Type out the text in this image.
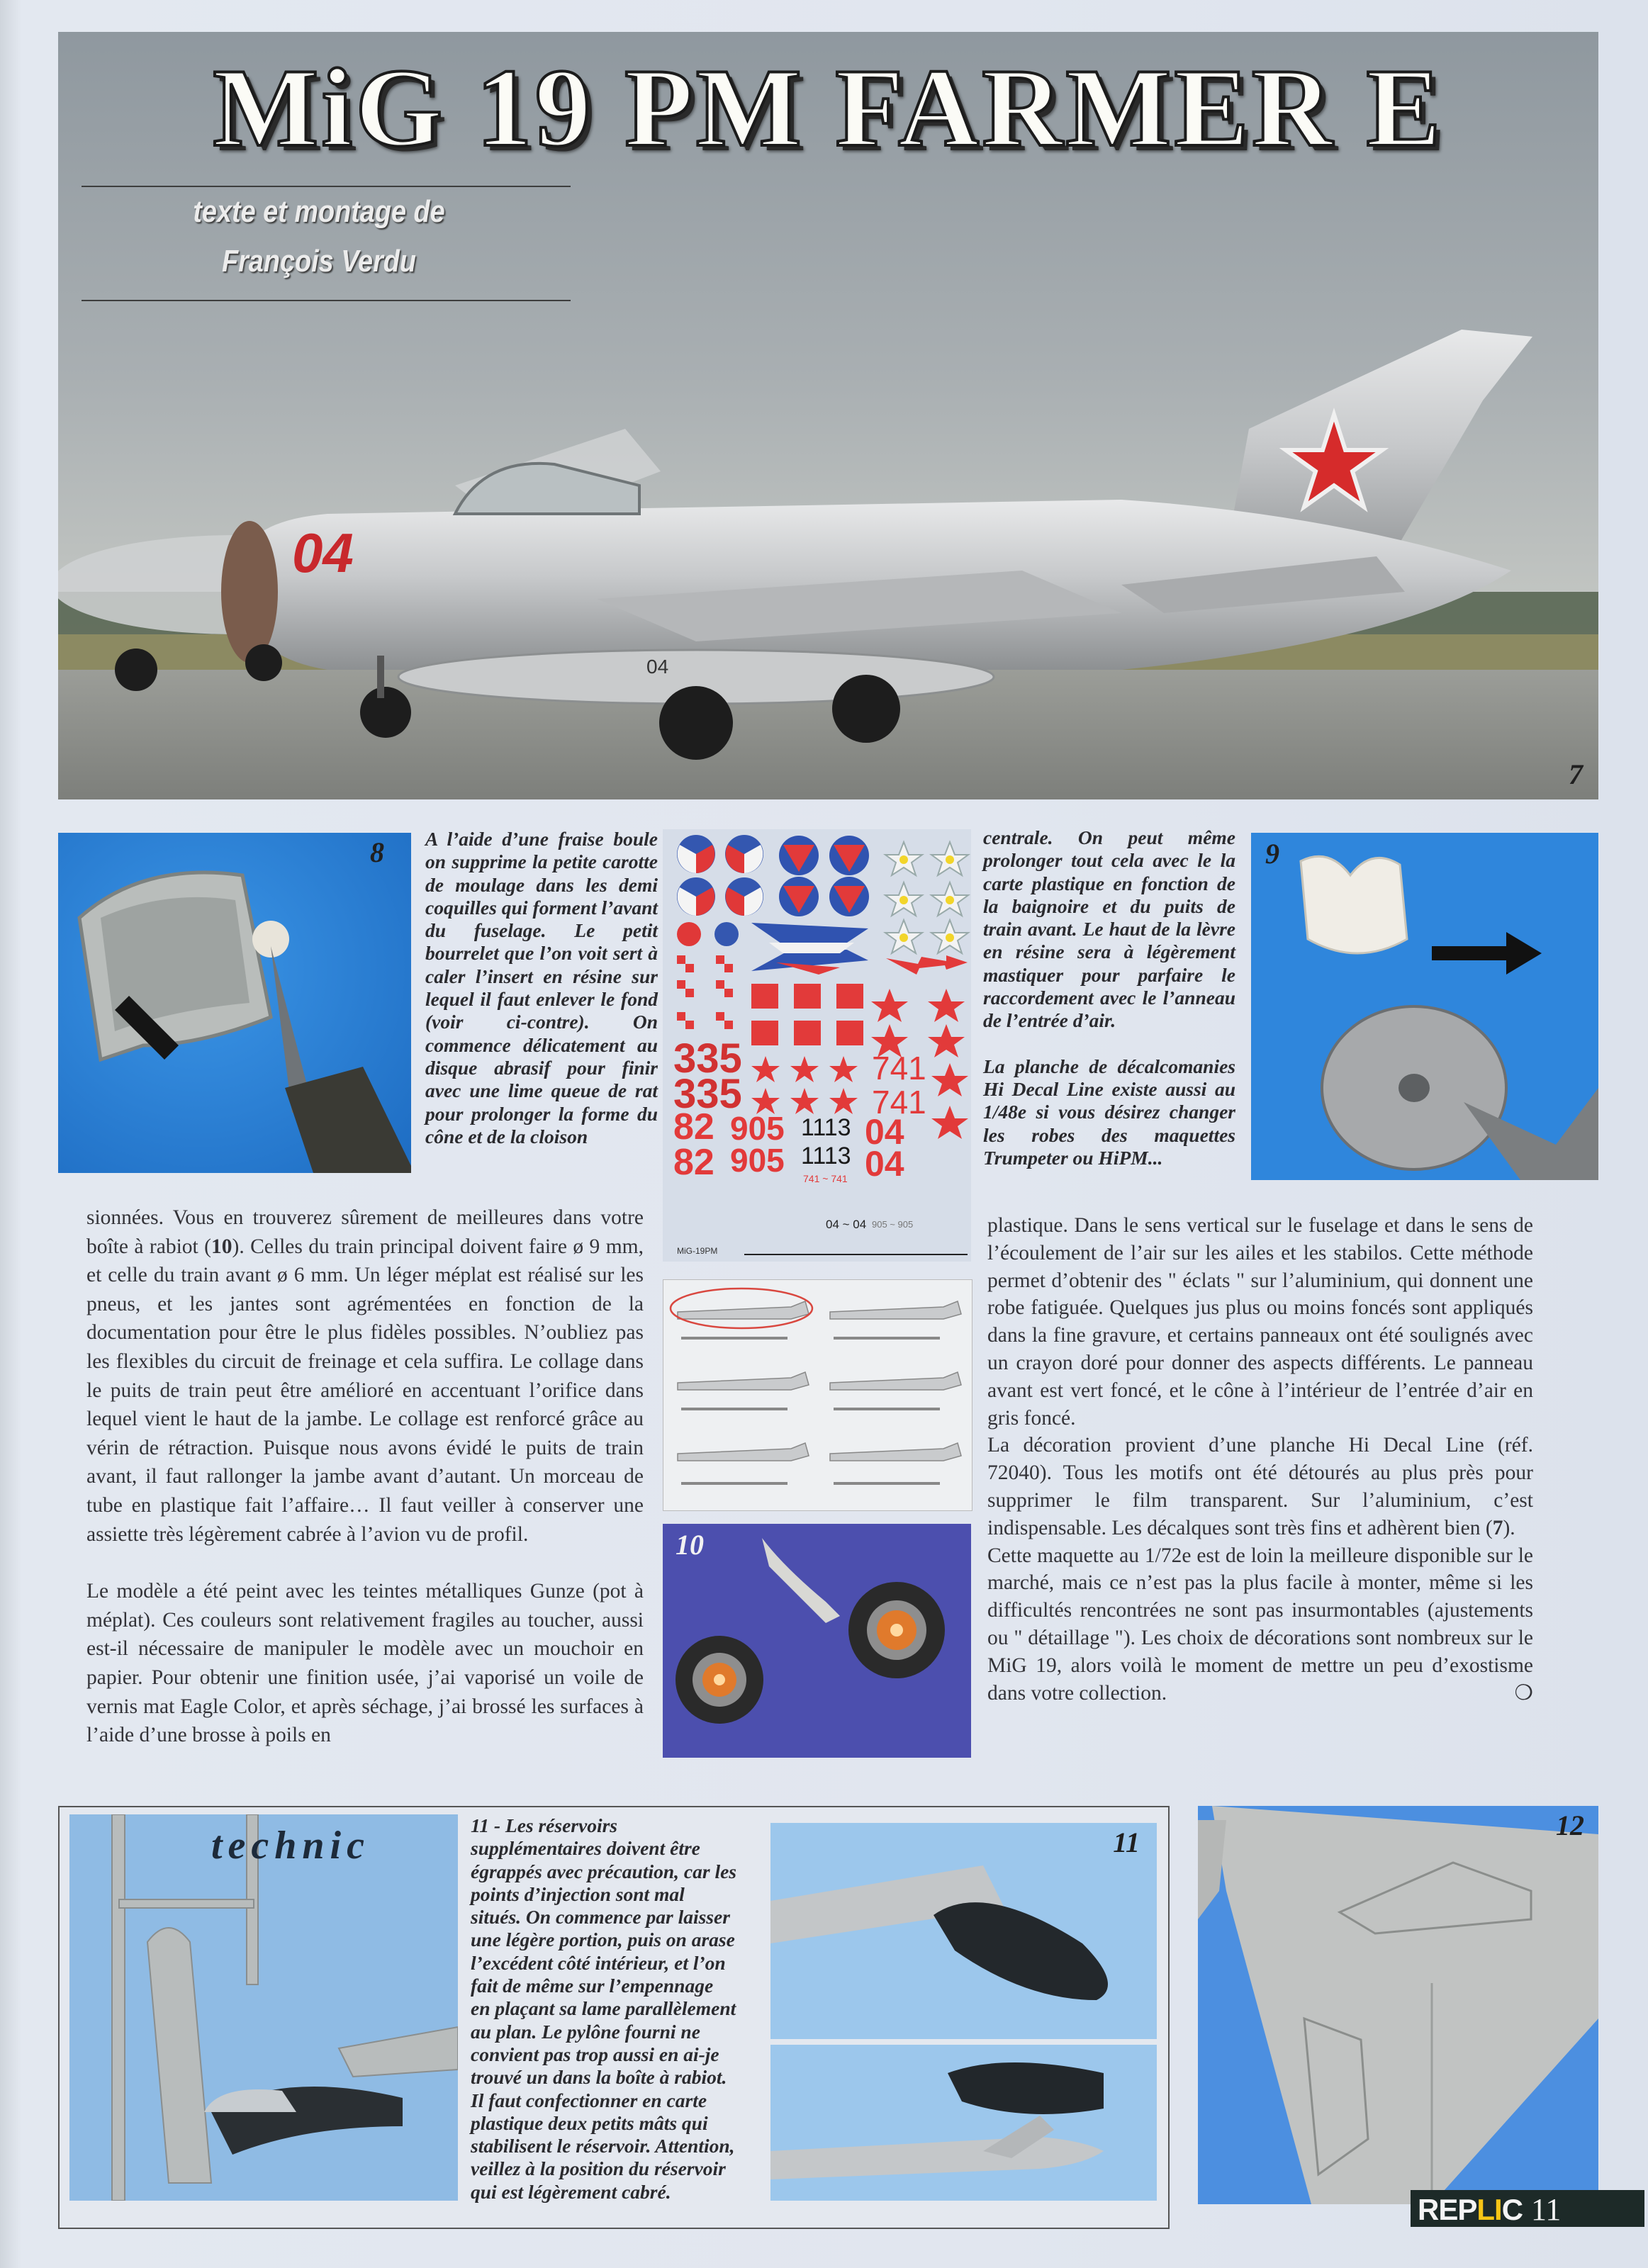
04
04
7
MiG 19 PM FARMER E
texte et montage de
François Verdu
8 A l’aide d’une fraise boule on supprime la petite carotte de moulage dans les demi coquilles qui forment l’avant du fuselage. Le petit bourrelet que l’on voit sert à caler l’insert en résine sur lequel il faut enlever le fond (voir ci-contre). On commence délicatement au disque abrasif pour finir avec une lime queue de rat pour prolonger la forme du cône et de la cloison
335
335
741
741
82
82
905
905
1113
1113
04
04
741 ~ 741
04 ~ 04 905 ~ 905
MiG-19PM
10

centrale. On peut même prolonger tout cela avec le la carte plastique en fonction de la baignoire et du puits de train avant. Le haut de la lèvre en résine sera à légèrement mastiquer pour parfaire le raccordement avec le l’anneau de l’entrée d’air.

La planche de décalcomanies Hi Decal Line existe aussi au 1/48e si vous désirez changer les robes des maquettes Trumpeter ou HiPM...

9

sionnées. Vous en trouverez sûrement de meilleures dans votre boîte à rabiot (10). Celles du train principal doivent faire ø 9 mm, et celle du train avant ø 6 mm. Un léger méplat est réalisé sur les pneus, et les jantes sont agrémentées en fonction de la documentation pour être le plus fidèles possibles. N’oubliez pas les flexibles du circuit de freinage et cela suffira. Le collage dans le puits de train peut être amélioré en accentuant l’orifice dans lequel vient le haut de la jambe. Le collage est renforcé grâce au vérin de rétraction. Puisque nous avons évidé le puits de train avant, il faut rallonger la jambe avant d’autant. Un morceau de tube en plastique fait l’affaire… Il faut veiller à conserver une assiette très légèrement cabrée à l’avion vu de profil.

Le modèle a été peint avec les teintes métalliques Gunze (pot à méplat). Ces couleurs sont relativement fragiles au toucher, aussi est-il nécessaire de manipuler le modèle avec un mouchoir en papier. Pour obtenir une finition usée, j’ai vaporisé un voile de vernis mat Eagle Color, et après séchage, j’ai brossé les surfaces à l’aide d’une brosse à poils en

plastique. Dans le sens vertical sur le fuselage et dans le sens de l’écoulement de l’air sur les ailes et les stabilos. Cette méthode permet d’obtenir des " éclats " sur l’aluminium, qui donnent une robe fatiguée. Quelques jus plus ou moins foncés sont appliqués dans la fine gravure, et certains panneaux ont été soulignés avec un crayon doré pour donner des aspects différents. Le panneau avant est vert foncé, et le cône à l’intérieur de l’entrée d’air en gris foncé.

La décoration provient d’une planche Hi Decal Line (réf. 72040). Tous les motifs ont été détourés au plus près pour supprimer le film transparent. Sur l’aluminium, c’est indispensable. Les décalques sont très fins et adhèrent bien (7).

Cette maquette au 1/72e est de loin la meilleure disponible sur le marché, mais ce n’est pas la plus facile à monter, même si les difficultés rencontrées ne sont pas insurmontables (ajustements ou " détaillage "). Les choix de décorations sont nombreux sur le MiG 19, alors voilà le moment de mettre un peu d’exostisme dans votre collection.	❍

technic	11 - Les réservoirs supplémentaires doivent être égrappés avec précaution, car les points d’injection sont mal situés. On commence par laisser une légère portion, puis on arase l’excédent côté intérieur, et l’on fait de même sur l’empennage en plaçant sa lame parallèlement au plan. Le pylône fourni ne convient pas trop aussi en ai-je trouvé un dans la boîte à rabiot. Il faut confectionner en carte plastique deux petits mâts qui stabilisent le réservoir. Attention, veillez à la position du réservoir qui est légèrement cabré.
11
12
REPLIC 11
